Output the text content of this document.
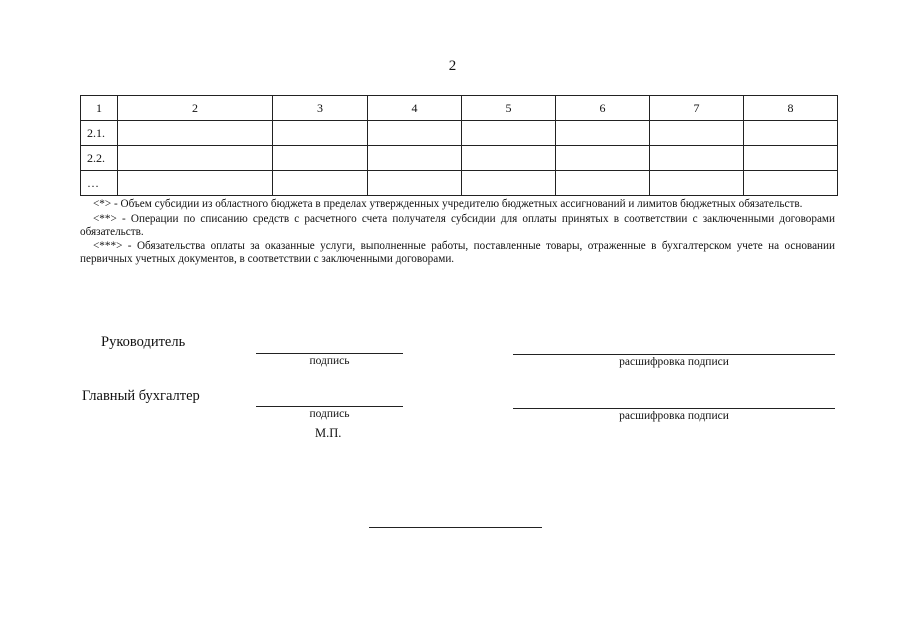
2
1	2	3	4	5	6	7	8
2.1.							
2.2.							
…							

<*> - Объем субсидии из областного бюджета в пределах утвержденных учредителю бюджетных ассигнований и лимитов бюджетных обязательств.

<**> - Операции по списанию средств с расчетного счета получателя субсидии для оплаты принятых в соответствии с заключенными договорами обязательств.

<***> - Обязательства оплаты за оказанные услуги, выполненные работы, поставленные товары, отраженные в бухгалтерском учете на основании первичных учетных документов, в соответствии с заключенными договорами.

Руководитель
подпись	расшифровка подписи
Главный бухгалтер
подпись	расшифровка подписи
М.П.
